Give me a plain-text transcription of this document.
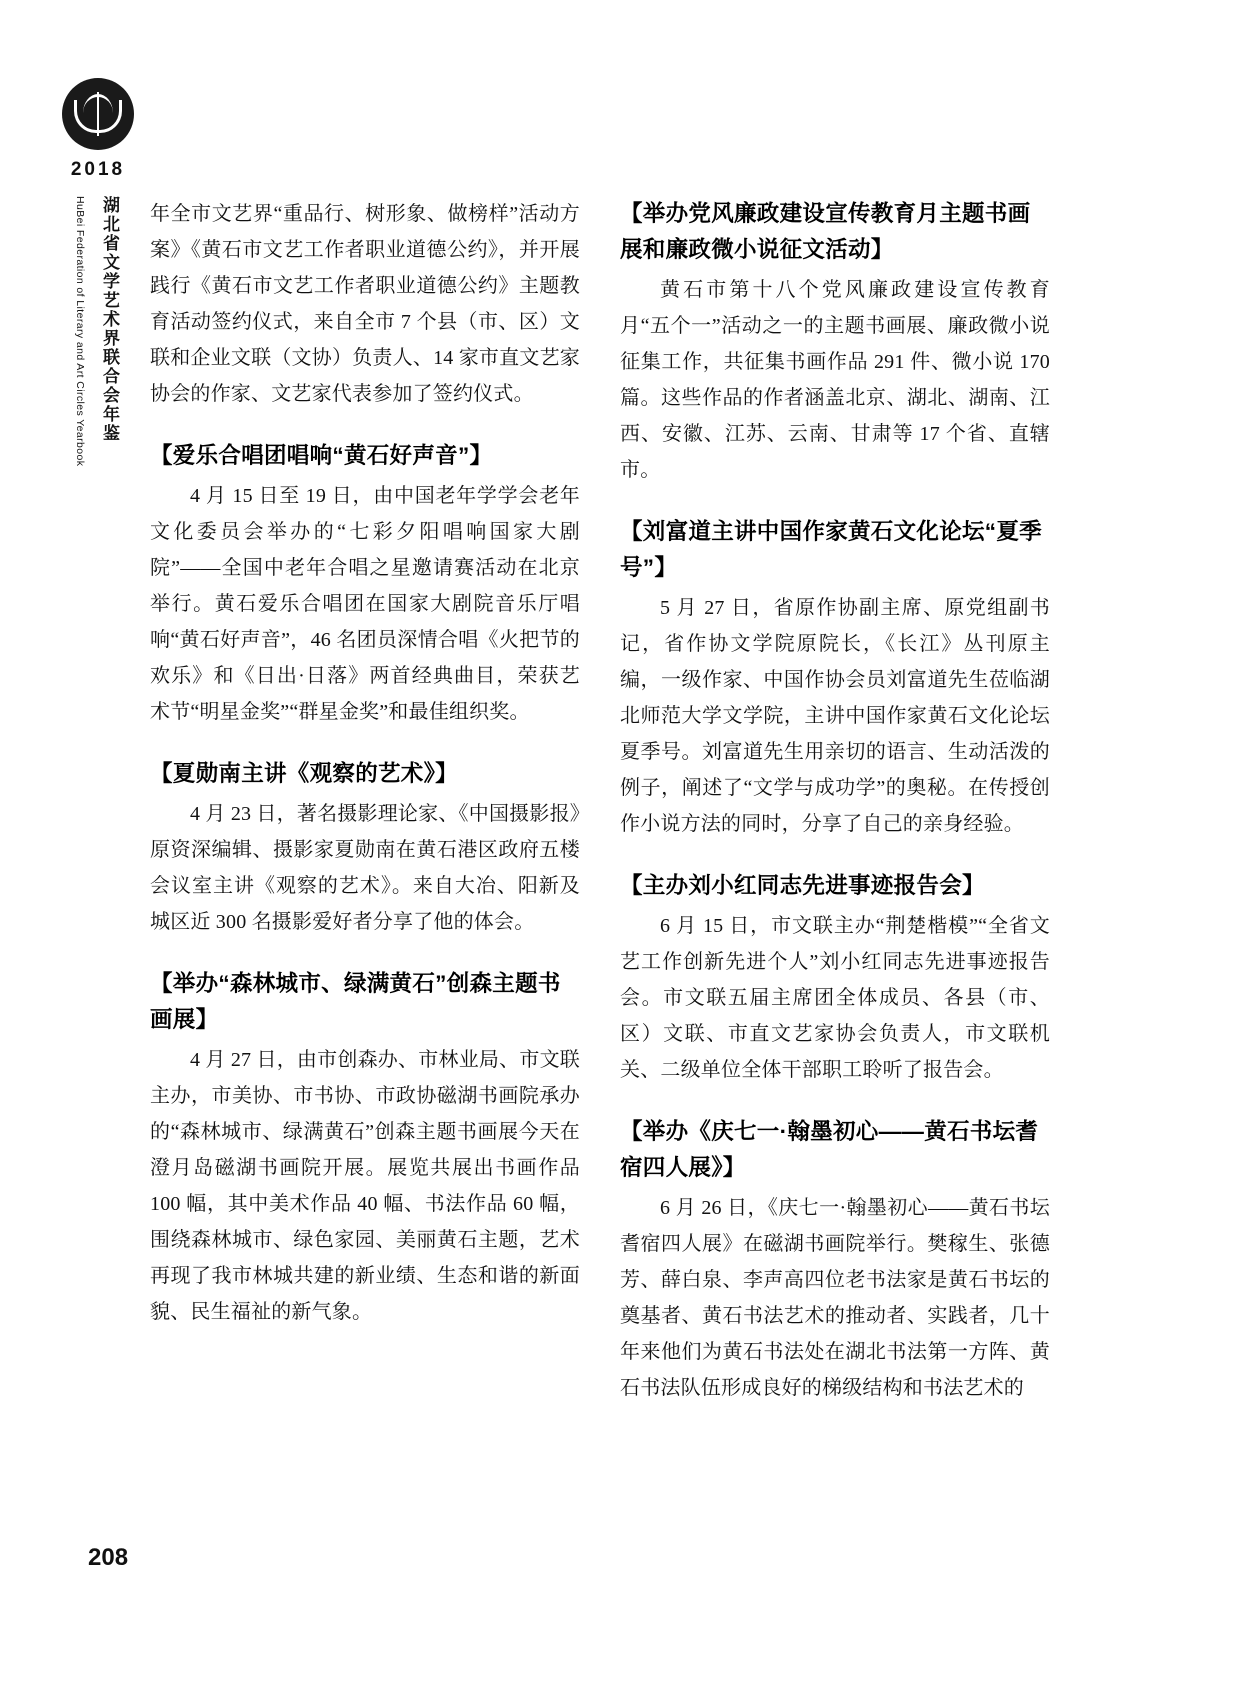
2018
HuBei Federation of Literary and Art Circles Yearbook 湖北省文学艺术界联合会年鉴 年全市文艺界“重品行、树形象、做榜样”活动方案》《黄石市文艺工作者职业道德公约》，并开展践行《黄石市文艺工作者职业道德公约》主题教育活动签约仪式，来自全市 7 个县（市、区）文联和企业文联（文协）负责人、14 家市直文艺家协会的作家、文艺家代表参加了签约仪式。

【爱乐合唱团唱响“黄石好声音”】

4 月 15 日至 19 日，由中国老年学学会老年文化委员会举办的“七彩夕阳唱响国家大剧院”——全国中老年合唱之星邀请赛活动在北京举行。黄石爱乐合唱团在国家大剧院音乐厅唱响“黄石好声音”，46 名团员深情合唱《火把节的欢乐》和《日出·日落》两首经典曲目，荣获艺术节“明星金奖”“群星金奖”和最佳组织奖。

【夏勋南主讲《观察的艺术》】

4 月 23 日，著名摄影理论家、《中国摄影报》原资深编辑、摄影家夏勋南在黄石港区政府五楼会议室主讲《观察的艺术》。来自大冶、阳新及城区近 300 名摄影爱好者分享了他的体会。

【举办“森林城市、绿满黄石”创森主题书画展】

4 月 27 日，由市创森办、市林业局、市文联主办，市美协、市书协、市政协磁湖书画院承办的“森林城市、绿满黄石”创森主题书画展今天在澄月岛磁湖书画院开展。展览共展出书画作品 100 幅，其中美术作品 40 幅、书法作品 60 幅，围绕森林城市、绿色家园、美丽黄石主题，艺术再现了我市林城共建的新业绩、生态和谐的新面貌、民生福祉的新气象。

【举办党风廉政建设宣传教育月主题书画展和廉政微小说征文活动】

黄石市第十八个党风廉政建设宣传教育月“五个一”活动之一的主题书画展、廉政微小说征集工作，共征集书画作品 291 件、微小说 170 篇。这些作品的作者涵盖北京、湖北、湖南、江西、安徽、江苏、云南、甘肃等 17 个省、直辖市。

【刘富道主讲中国作家黄石文化论坛“夏季号”】

5 月 27 日，省原作协副主席、原党组副书记，省作协文学院原院长，《长江》丛刊原主编，一级作家、中国作协会员刘富道先生莅临湖北师范大学文学院，主讲中国作家黄石文化论坛夏季号。刘富道先生用亲切的语言、生动活泼的例子，阐述了“文学与成功学”的奥秘。在传授创作小说方法的同时，分享了自己的亲身经验。

【主办刘小红同志先进事迹报告会】

6 月 15 日，市文联主办“荆楚楷模”“全省文艺工作创新先进个人”刘小红同志先进事迹报告会。市文联五届主席团全体成员、各县（市、区）文联、市直文艺家协会负责人，市文联机关、二级单位全体干部职工聆听了报告会。

【举办《庆七一·翰墨初心——黄石书坛耆宿四人展》】

6 月 26 日，《庆七一·翰墨初心——黄石书坛耆宿四人展》在磁湖书画院举行。樊稼生、张德芳、薛白泉、李声高四位老书法家是黄石书坛的奠基者、黄石书法艺术的推动者、实践者，几十年来他们为黄石书法处在湖北书法第一方阵、黄石书法队伍形成良好的梯级结构和书法艺术的

208
